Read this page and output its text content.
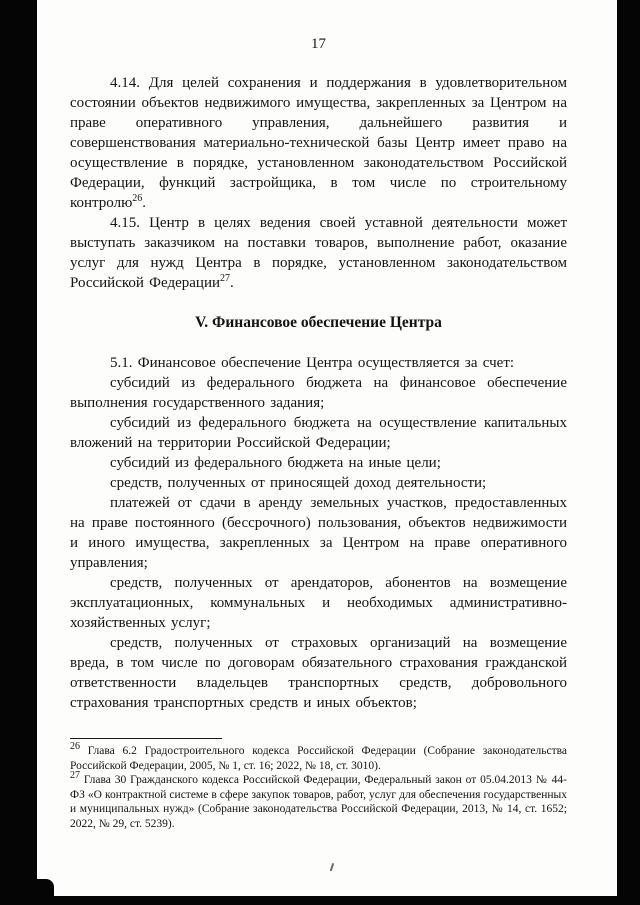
17

4.14. Для целей сохранения и поддержания в удовлетворительном состоянии объектов недвижимого имущества, закрепленных за Центром на праве оперативного управления, дальнейшего развития и совершенствования материально-технической базы Центр имеет право на осуществление в порядке, установленном законодательством Российской Федерации, функций застройщика, в том числе по строительному контролю$^{26}$.

4.15. Центр в целях ведения своей уставной деятельности может выступать заказчиком на поставки товаров, выполнение работ, оказание услуг для нужд Центра в порядке, установленном законодательством Российской Федерации$^{27}$.

V. Финансовое обеспечение Центра

5.1. Финансовое обеспечение Центра осуществляется за счет:

субсидий из федерального бюджета на финансовое обеспечение выполнения государственного задания;

субсидий из федерального бюджета на осуществление капитальных вложений на территории Российской Федерации;

субсидий из федерального бюджета на иные цели;

средств, полученных от приносящей доход деятельности;

платежей от сдачи в аренду земельных участков, предоставленных на праве постоянного (бессрочного) пользования, объектов недвижимости и иного имущества, закрепленных за Центром на праве оперативного управления;

средств, полученных от арендаторов, абонентов на возмещение эксплуатационных, коммунальных и необходимых административно-хозяйственных услуг;

средств, полученных от страховых организаций на возмещение вреда, в том числе по договорам обязательного страхования гражданской ответственности владельцев транспортных средств, добровольного страхования транспортных средств и иных объектов;

$^{26}$ Глава 6.2 Градостроительного кодекса Российской Федерации (Собрание законодательства Российской Федерации, 2005, № 1, ст. 16; 2022, № 18, ст. 3010).

$^{27}$ Глава 30 Гражданского кодекса Российской Федерации, Федеральный закон от 05.04.2013 № 44-ФЗ «О контрактной системе в сфере закупок товаров, работ, услуг для обеспечения государственных и муниципальных нужд» (Собрание законодательства Российской Федерации, 2013, № 14, ст. 1652; 2022, № 29, ст. 5239).
